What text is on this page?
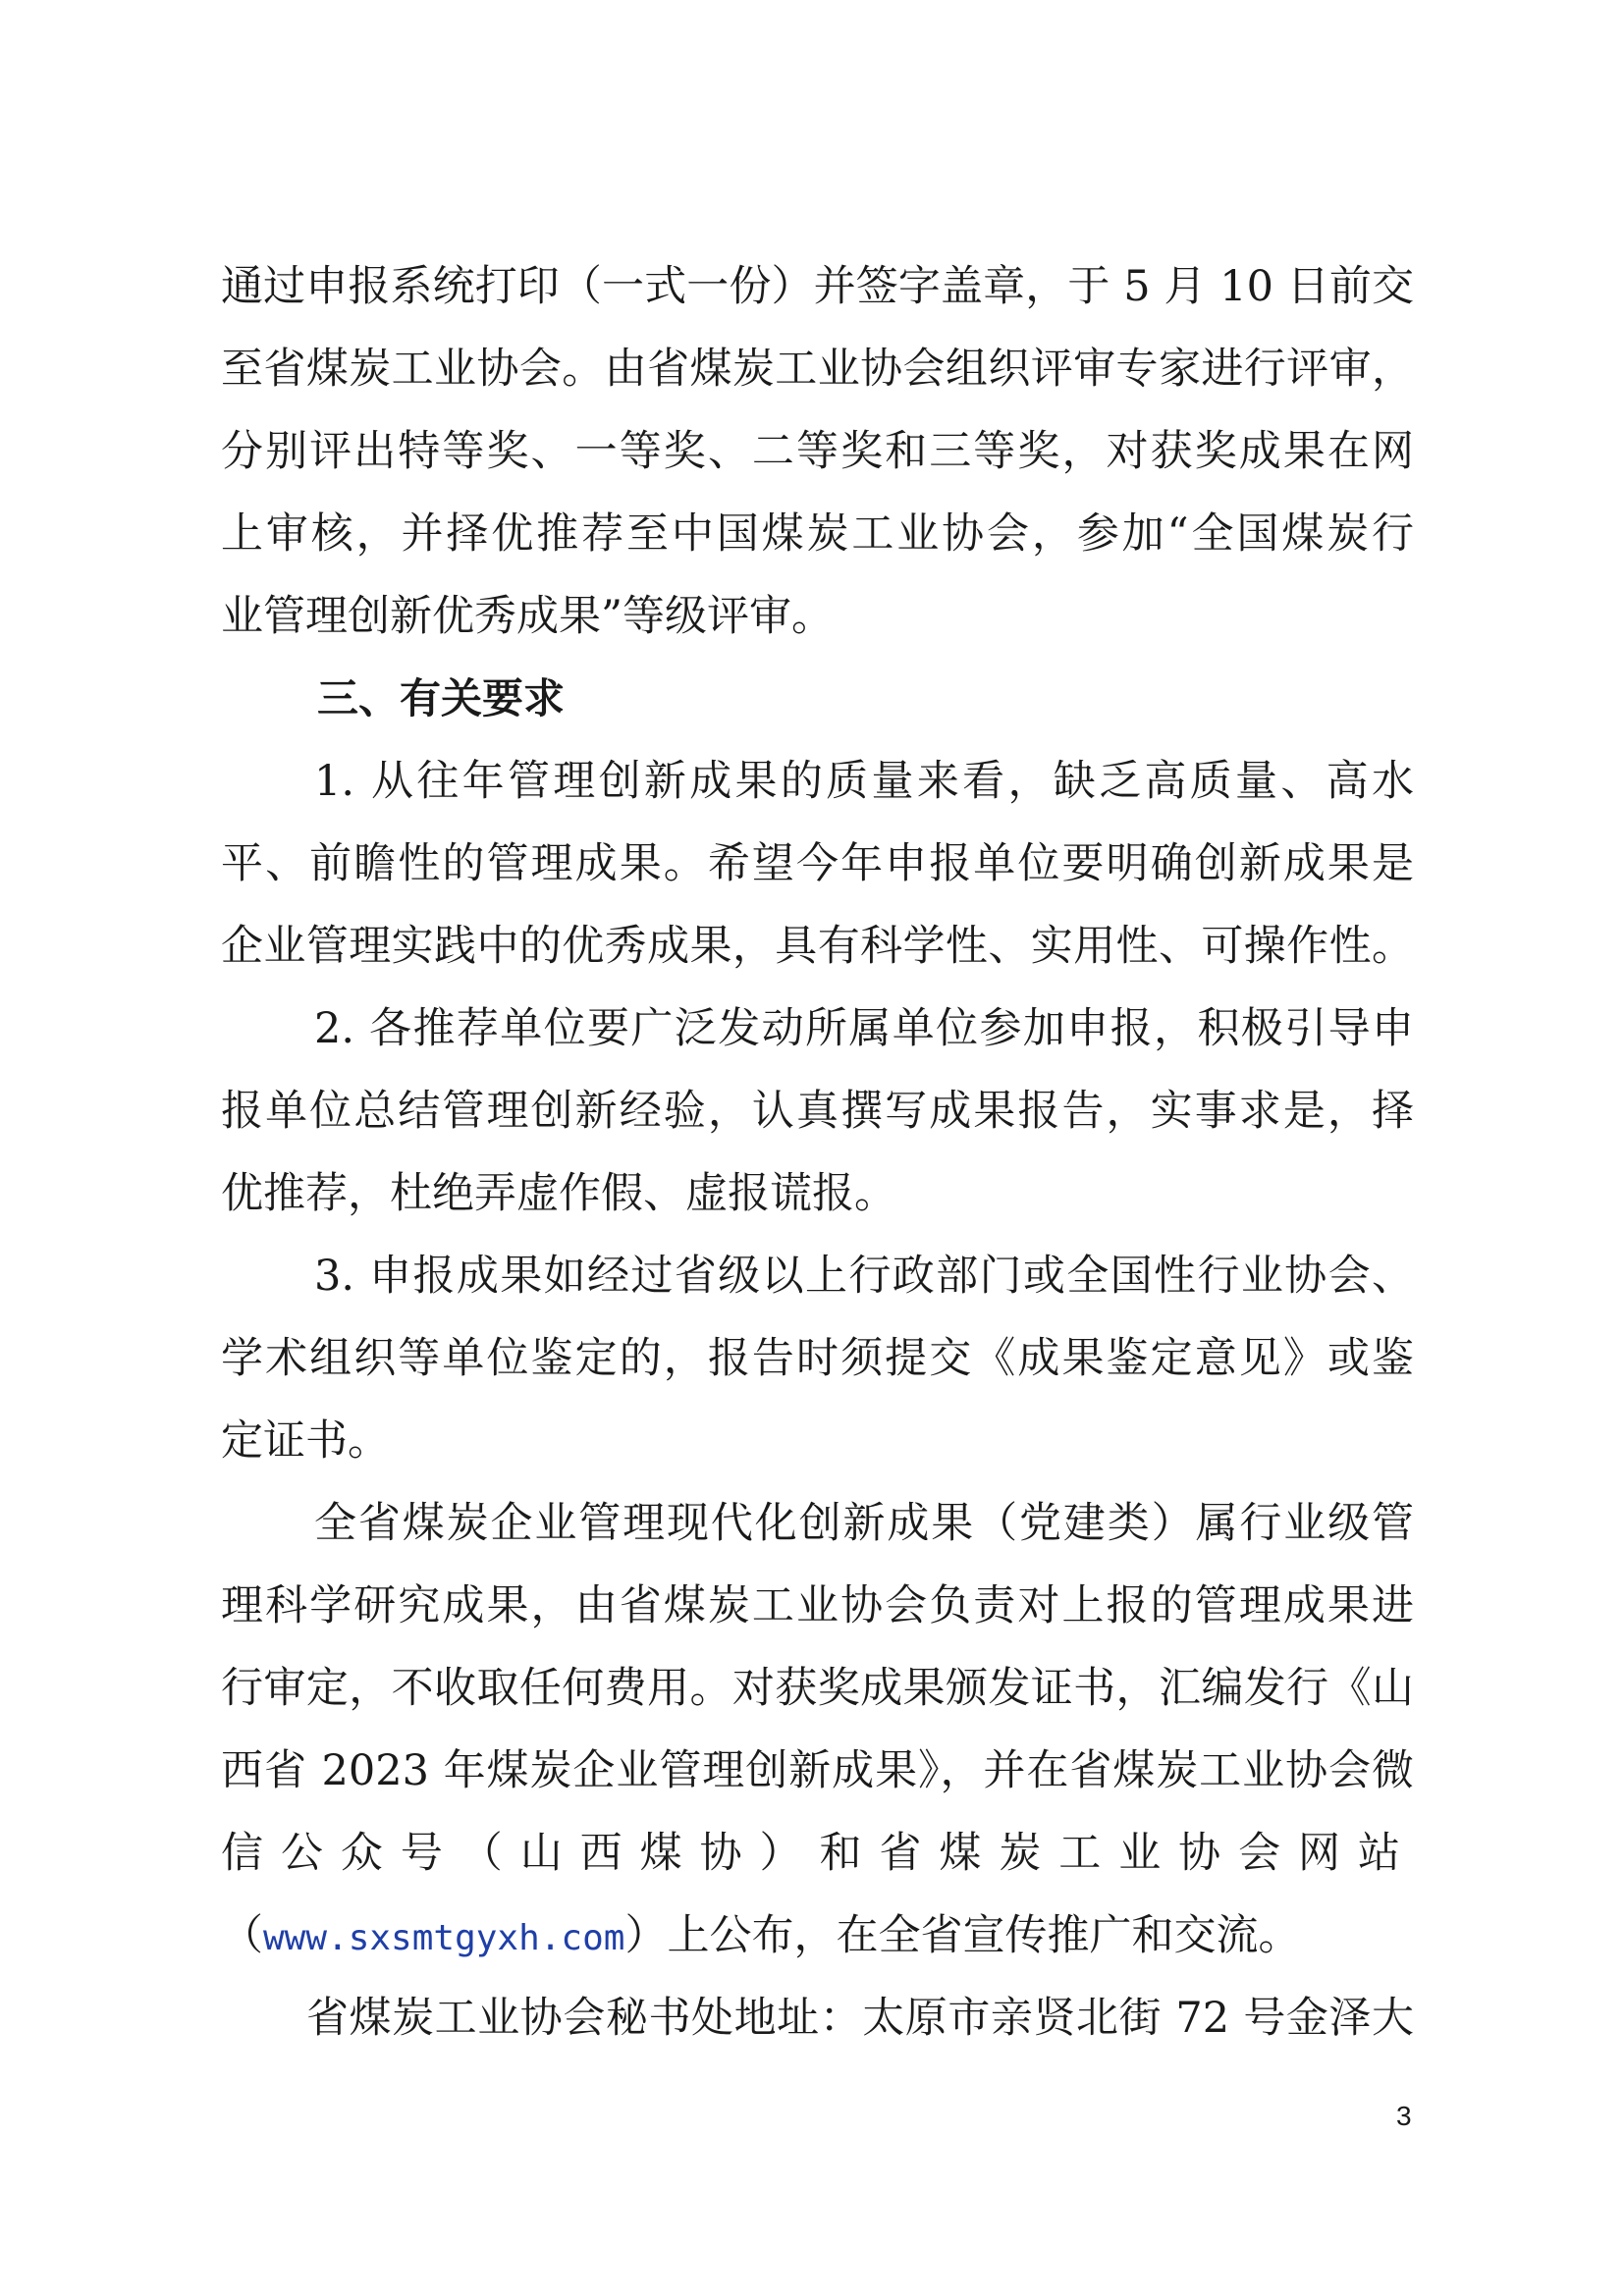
通过申报系统打印（一式一份）并签字盖章，于 5 月 10 日前交
至省煤炭工业协会。由省煤炭工业协会组织评审专家进行评审，
分别评出特等奖、一等奖、二等奖和三等奖，对获奖成果在网
上审核，并择优推荐至中国煤炭工业协会，参加“全国煤炭行
业管理创新优秀成果”等级评审。
三、有关要求
1. 从往年管理创新成果的质量来看，缺乏高质量、高水
平、前瞻性的管理成果。希望今年申报单位要明确创新成果是
企业管理实践中的优秀成果，具有科学性、实用性、可操作性。
2. 各推荐单位要广泛发动所属单位参加申报，积极引导申
报单位总结管理创新经验，认真撰写成果报告，实事求是，择
优推荐，杜绝弄虚作假、虚报谎报。
3. 申报成果如经过省级以上行政部门或全国性行业协会、
学术组织等单位鉴定的，报告时须提交《成果鉴定意见》或鉴
定证书。
全省煤炭企业管理现代化创新成果（党建类）属行业级管
理科学研究成果，由省煤炭工业协会负责对上报的管理成果进
行审定，不收取任何费用。对获奖成果颁发证书，汇编发行《山
西省 2023 年煤炭企业管理创新成果》，并在省煤炭工业协会微
信公众号（山西煤协）和省煤炭工业协会网站
（www.sxsmtgyxh.com）上公布，在全省宣传推广和交流。
省煤炭工业协会秘书处地址：太原市亲贤北街 72 号金泽大
3
